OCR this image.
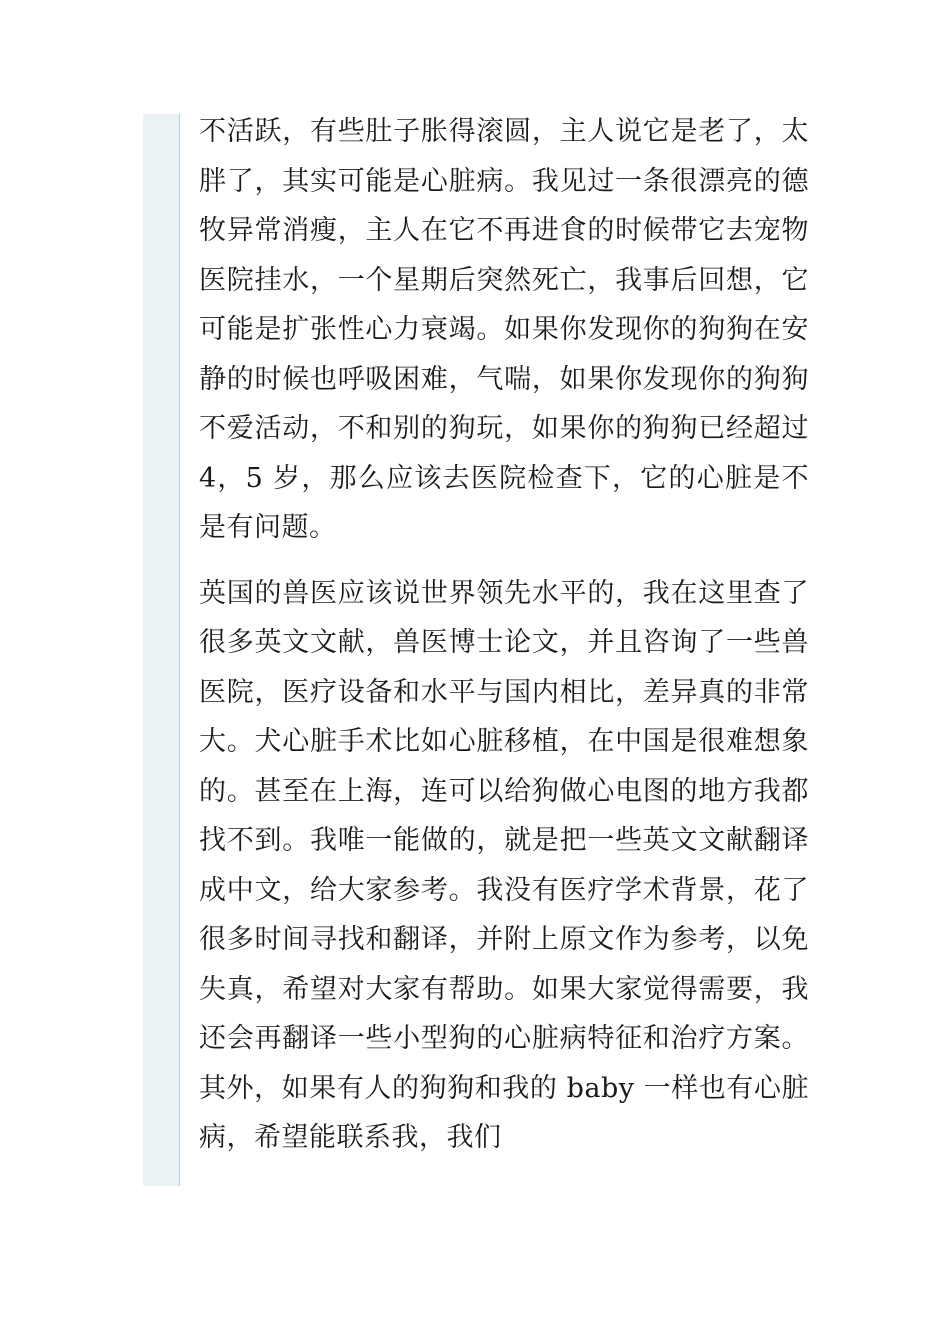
不活跃，有些肚子胀得滚圆，主人说它是老了，太胖了，其实可能是心脏病。我见过一条很漂亮的德牧异常消瘦，主人在它不再进食的时候带它去宠物医院挂水，一个星期后突然死亡，我事后回想，它可能是扩张性心力衰竭。如果你发现你的狗狗在安静的时候也呼吸困难，气喘，如果你发现你的狗狗不爱活动，不和别的狗玩，如果你的狗狗已经超过 4，5 岁，那么应该去医院检查下，它的心脏是不是有问题。

英国的兽医应该说世界领先水平的，我在这里查了很多英文文献，兽医博士论文，并且咨询了一些兽医院，医疗设备和水平与国内相比，差异真的非常大。犬心脏手术比如心脏移植，在中国是很难想象的。甚至在上海，连可以给狗做心电图的地方我都找不到。我唯一能做的，就是把一些英文文献翻译成中文，给大家参考。我没有医疗学术背景，花了很多时间寻找和翻译，并附上原文作为参考，以免失真，希望对大家有帮助。如果大家觉得需要，我还会再翻译一些小型狗的心脏病特征和治疗方案。其外，如果有人的狗狗和我的 baby 一样也有心脏病，希望能联系我，我们
